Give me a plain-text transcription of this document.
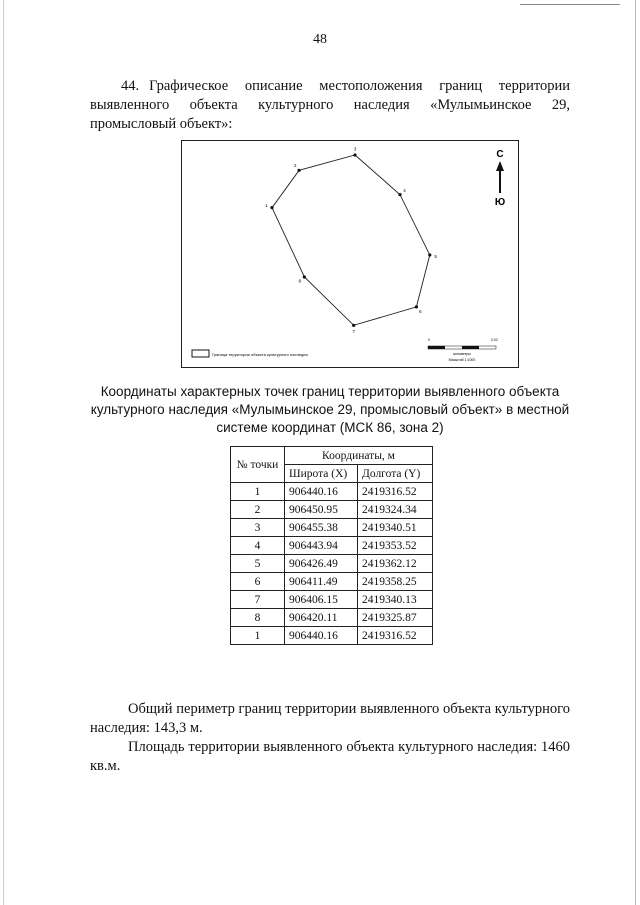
48
44. Графическое описание местоположения границ территории выявленного объекта культурного наследия «Мулымьинское 29, промысловый объект»:
1
2
3
4
5
6
7
8
С
Ю
Граница территории объекта культурного наследия
0	0.02
километры
Масштаб 1:1000
Координаты характерных точек границ территории выявленного объекта культурного наследия «Мулымьинское 29, промысловый объект» в местной системе координат (МСК 86, зона 2)
№ точки	Координаты, м	
	Широта (X)	Долгота (Y)
1	906440.16	2419316.52
2	906450.95	2419324.34
3	906455.38	2419340.51
4	906443.94	2419353.52
5	906426.49	2419362.12
6	906411.49	2419358.25
7	906406.15	2419340.13
8	906420.11	2419325.87
1	906440.16	2419316.52
Общий периметр границ территории выявленного объекта культурного наследия: 143,3 м.
Площадь территории выявленного объекта культурного наследия: 1460 кв.м.
